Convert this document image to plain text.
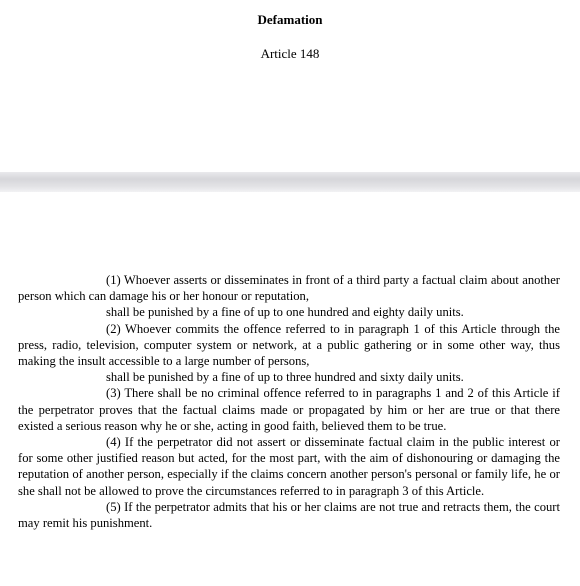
Defamation
Article 148

(1) Whoever asserts or disseminates in front of a third party a factual claim about another person which can damage his or her honour or reputation,

shall be punished by a fine of up to one hundred and eighty daily units.

(2) Whoever commits the offence referred to in paragraph 1 of this Article through the press, radio, television, computer system or network, at a public gathering or in some other way, thus making the insult accessible to a large number of persons,

shall be punished by a fine of up to three hundred and sixty daily units.

(3) There shall be no criminal offence referred to in paragraphs 1 and 2 of this Article if the perpetrator proves that the factual claims made or propagated by him or her are true or that there existed a serious reason why he or she, acting in good faith, believed them to be true.

(4) If the perpetrator did not assert or disseminate factual claim in the public interest or for some other justified reason but acted, for the most part, with the aim of dishonouring or damaging the reputation of another person, especially if the claims concern another person's personal or family life, he or she shall not be allowed to prove the circumstances referred to in paragraph 3 of this Article.

(5) If the perpetrator admits that his or her claims are not true and retracts them, the court may remit his punishment.
